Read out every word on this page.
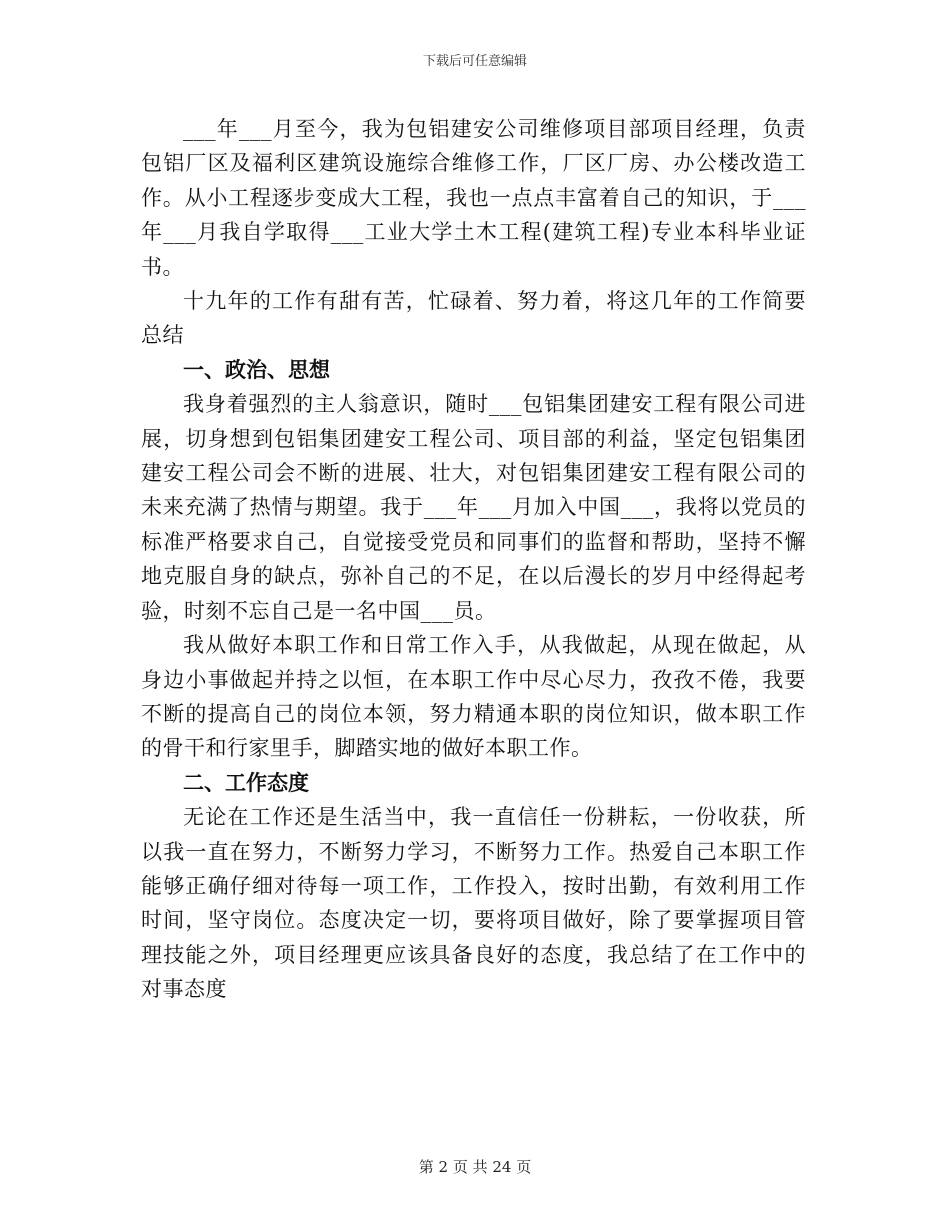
下载后可任意编辑

___年___月至今，我为包铝建安公司维修项目部项目经理，负责包铝厂区及福利区建筑设施综合维修工作，厂区厂房、办公楼改造工作。从小工程逐步变成大工程，我也一点点丰富着自己的知识，于___年___月我自学取得___工业大学土木工程(建筑工程)专业本科毕业证书。

十九年的工作有甜有苦，忙碌着、努力着，将这几年的工作简要总结

一、政治、思想

我身着强烈的主人翁意识，随时___包铝集团建安工程有限公司进展，切身想到包铝集团建安工程公司、项目部的利益，坚定包铝集团建安工程公司会不断的进展、壮大，对包铝集团建安工程有限公司的未来充满了热情与期望。我于___年___月加入中国___，我将以党员的标准严格要求自己，自觉接受党员和同事们的监督和帮助，坚持不懈地克服自身的缺点，弥补自己的不足，在以后漫长的岁月中经得起考验，时刻不忘自己是一名中国___员。

我从做好本职工作和日常工作入手，从我做起，从现在做起，从身边小事做起并持之以恒，在本职工作中尽心尽力，孜孜不倦，我要不断的提高自己的岗位本领，努力精通本职的岗位知识，做本职工作的骨干和行家里手，脚踏实地的做好本职工作。

二、工作态度

无论在工作还是生活当中，我一直信任一份耕耘，一份收获，所以我一直在努力，不断努力学习，不断努力工作。热爱自己本职工作能够正确仔细对待每一项工作，工作投入，按时出勤，有效利用工作时间，坚守岗位。态度决定一切，要将项目做好，除了要掌握项目管理技能之外，项目经理更应该具备良好的态度，我总结了在工作中的对事态度

第 2 页 共 24 页
